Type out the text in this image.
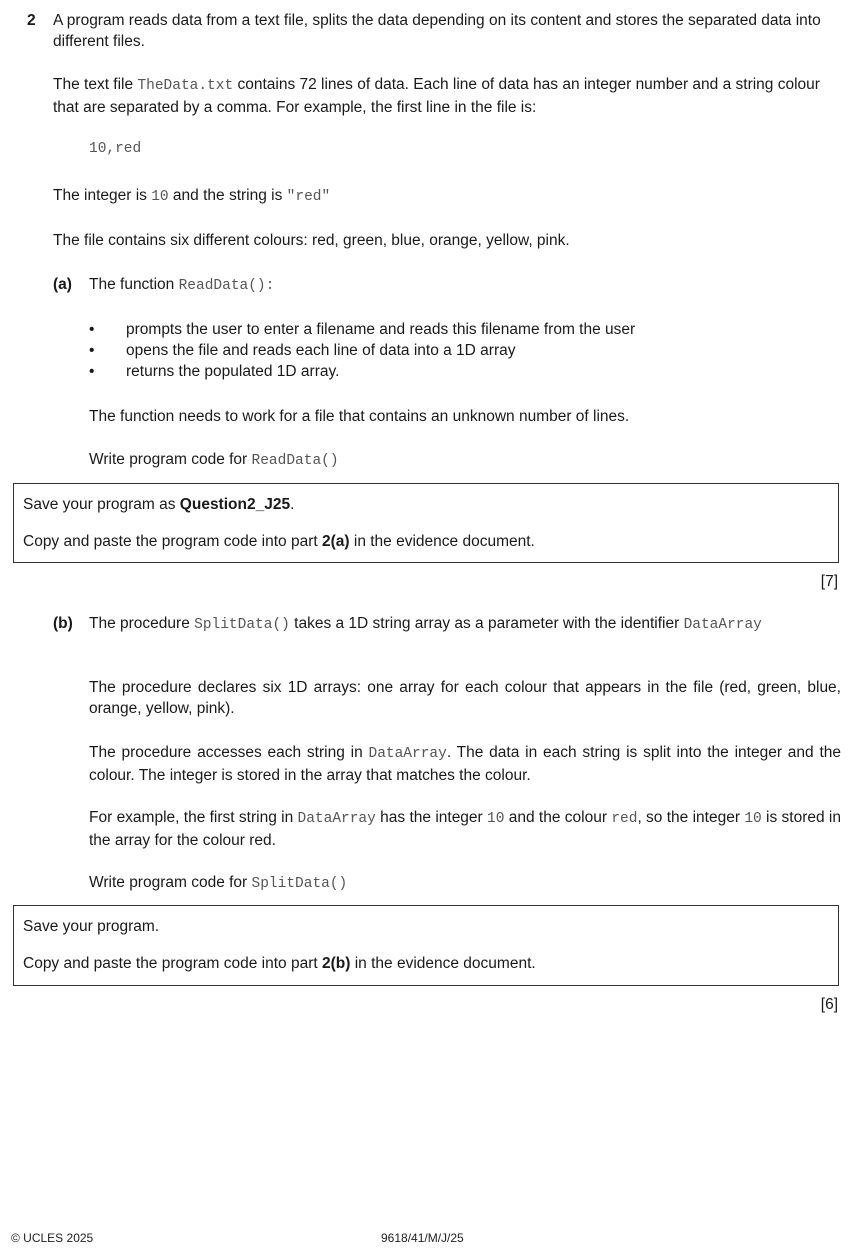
2 A program reads data from a text file, splits the data depending on its content and stores the separated data into different files.

The text file TheData.txt contains 72 lines of data. Each line of data has an integer number and a string colour that are separated by a comma. For example, the first line in the file is:

10,red

The integer is 10 and the string is "red"

The file contains six different colours: red, green, blue, orange, yellow, pink.

(a) The function ReadData():

• prompts the user to enter a filename and reads this filename from the user
• opens the file and reads each line of data into a 1D array
• returns the populated 1D array.

The function needs to work for a file that contains an unknown number of lines.

Write program code for ReadData()

Save your program as Question2_J25.

Copy and paste the program code into part 2(a) in the evidence document.

[7]

(b) The procedure SplitData() takes a 1D string array as a parameter with the identifier DataArray

The procedure declares six 1D arrays: one array for each colour that appears in the file (red, green, blue, orange, yellow, pink).

The procedure accesses each string in DataArray. The data in each string is split into the integer and the colour. The integer is stored in the array that matches the colour.

For example, the first string in DataArray has the integer 10 and the colour red, so the integer 10 is stored in the array for the colour red.

Write program code for SplitData()

Save your program.

Copy and paste the program code into part 2(b) in the evidence document.

[6]

© UCLES 2025	9618/41/M/J/25
